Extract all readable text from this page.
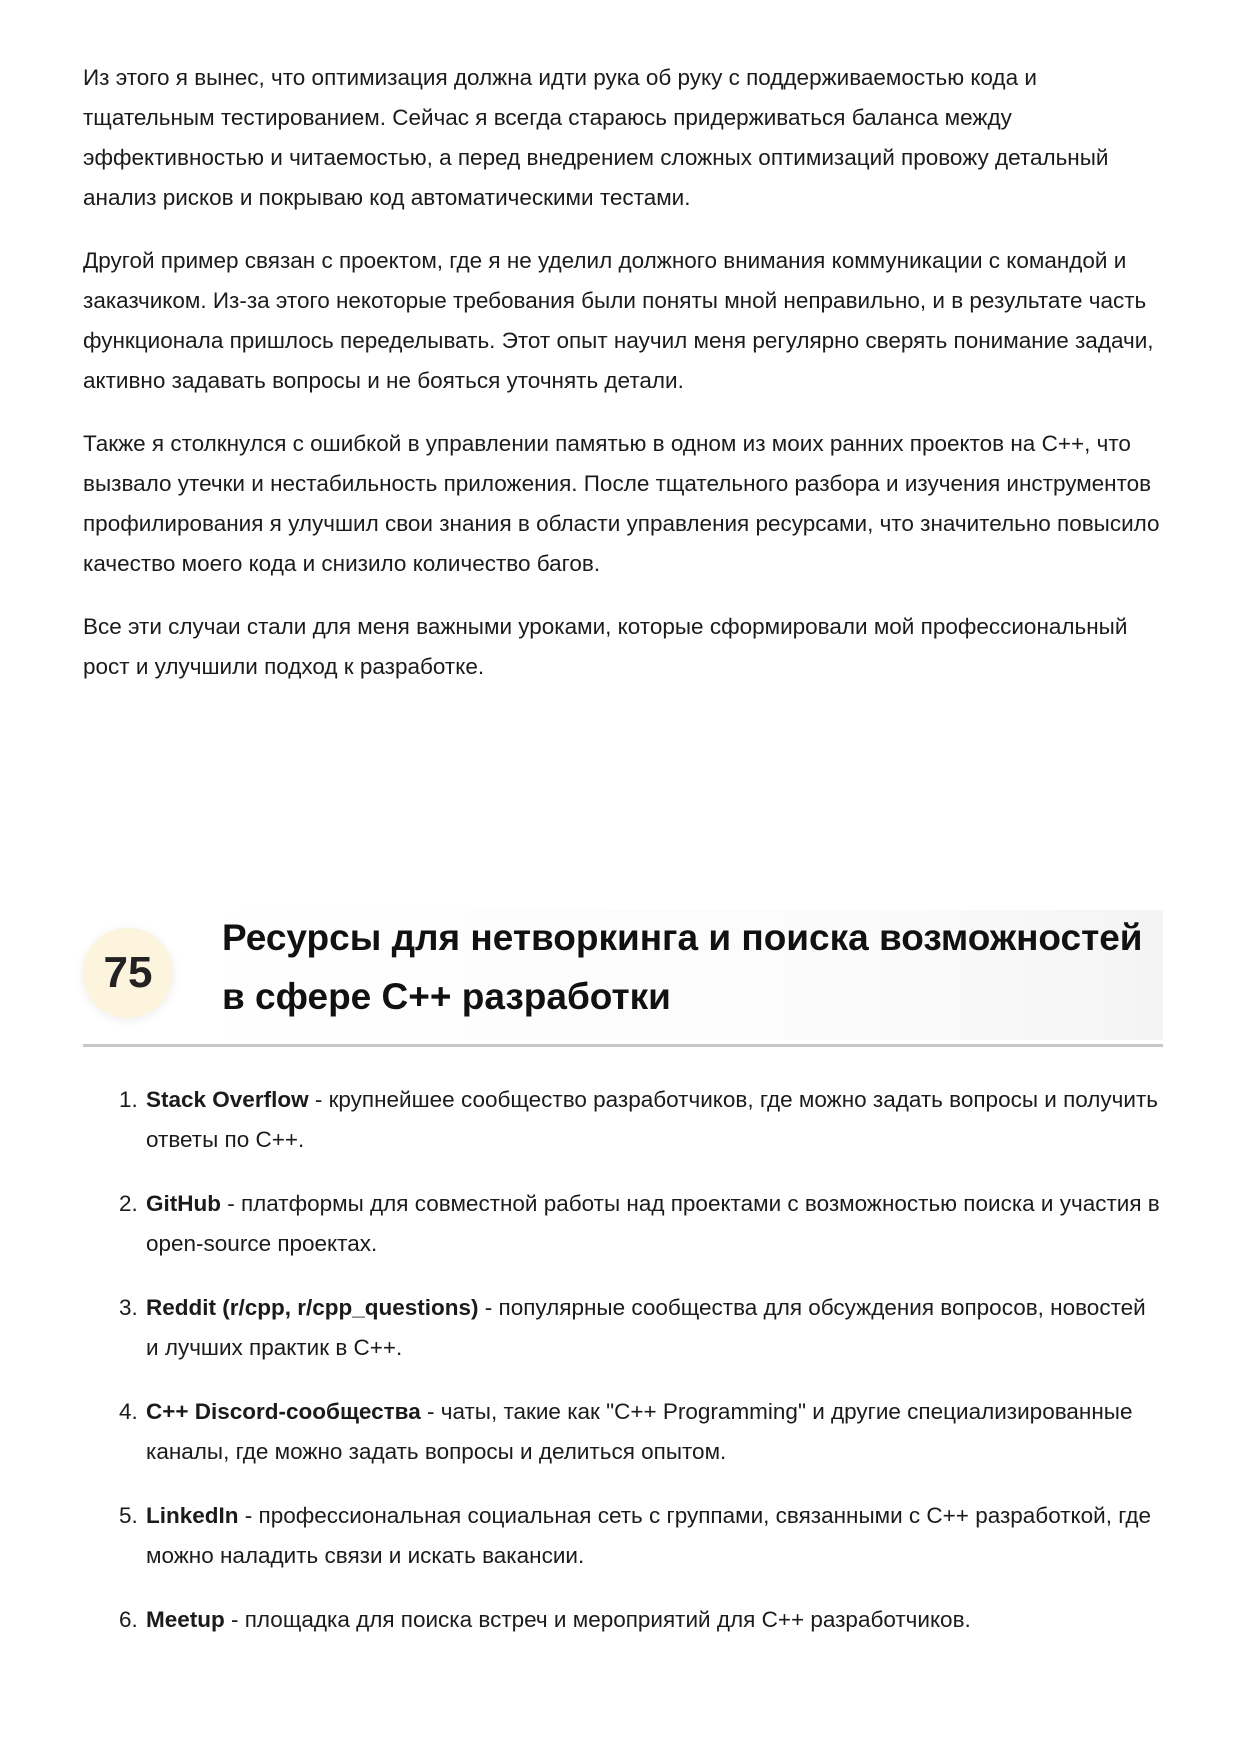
Из этого я вынес, что оптимизация должна идти рука об руку с поддерживаемостью кода и тщательным тестированием. Сейчас я всегда стараюсь придерживаться баланса между эффективностью и читаемостью, а перед внедрением сложных оптимизаций провожу детальный анализ рисков и покрываю код автоматическими тестами.

Другой пример связан с проектом, где я не уделил должного внимания коммуникации с командой и заказчиком. Из-за этого некоторые требования были поняты мной неправильно, и в результате часть функционала пришлось переделывать. Этот опыт научил меня регулярно сверять понимание задачи, активно задавать вопросы и не бояться уточнять детали.

Также я столкнулся с ошибкой в управлении памятью в одном из моих ранних проектов на C++, что вызвало утечки и нестабильность приложения. После тщательного разбора и изучения инструментов профилирования я улучшил свои знания в области управления ресурсами, что значительно повысило качество моего кода и снизило количество багов.

Все эти случаи стали для меня важными уроками, которые сформировали мой профессиональный рост и улучшили подход к разработке.

75
Ресурсы для нетворкинга и поиска возможностей в сфере C++ разработки
1. Stack Overflow - крупнейшее сообщество разработчиков, где можно задать вопросы и получить ответы по C++.
2. GitHub - платформы для совместной работы над проектами с возможностью поиска и участия в open-source проектах.
3. Reddit (r/cpp, r/cpp_questions) - популярные сообщества для обсуждения вопросов, новостей и лучших практик в C++.
4. C++ Discord-сообщества - чаты, такие как "C++ Programming" и другие специализированные каналы, где можно задать вопросы и делиться опытом.
5. LinkedIn - профессиональная социальная сеть с группами, связанными с C++ разработкой, где можно наладить связи и искать вакансии.
6. Meetup - площадка для поиска встреч и мероприятий для C++ разработчиков.
